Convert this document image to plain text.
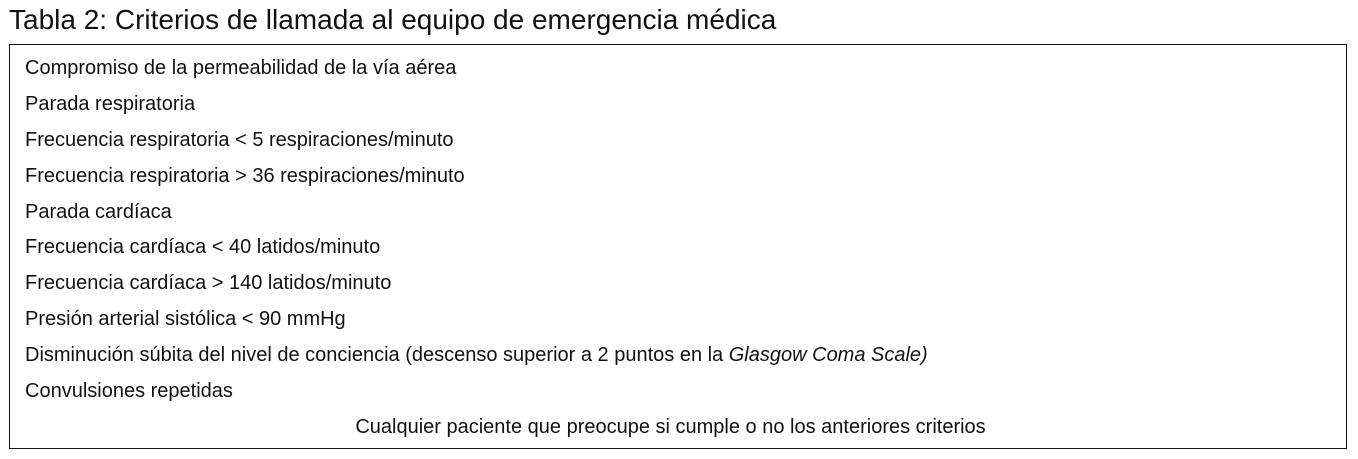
Tabla 2: Criterios de llamada al equipo de emergencia médica
Compromiso de la permeabilidad de la vía aérea
Parada respiratoria
Frecuencia respiratoria < 5 respiraciones/minuto
Frecuencia respiratoria > 36 respiraciones/minuto
Parada cardíaca
Frecuencia cardíaca < 40 latidos/minuto
Frecuencia cardíaca > 140 latidos/minuto
Presión arterial sistólica < 90 mmHg
Disminución súbita del nivel de conciencia (descenso superior a 2 puntos en la Glasgow Coma Scale)
Convulsiones repetidas
Cualquier paciente que preocupe si cumple o no los anteriores criterios
